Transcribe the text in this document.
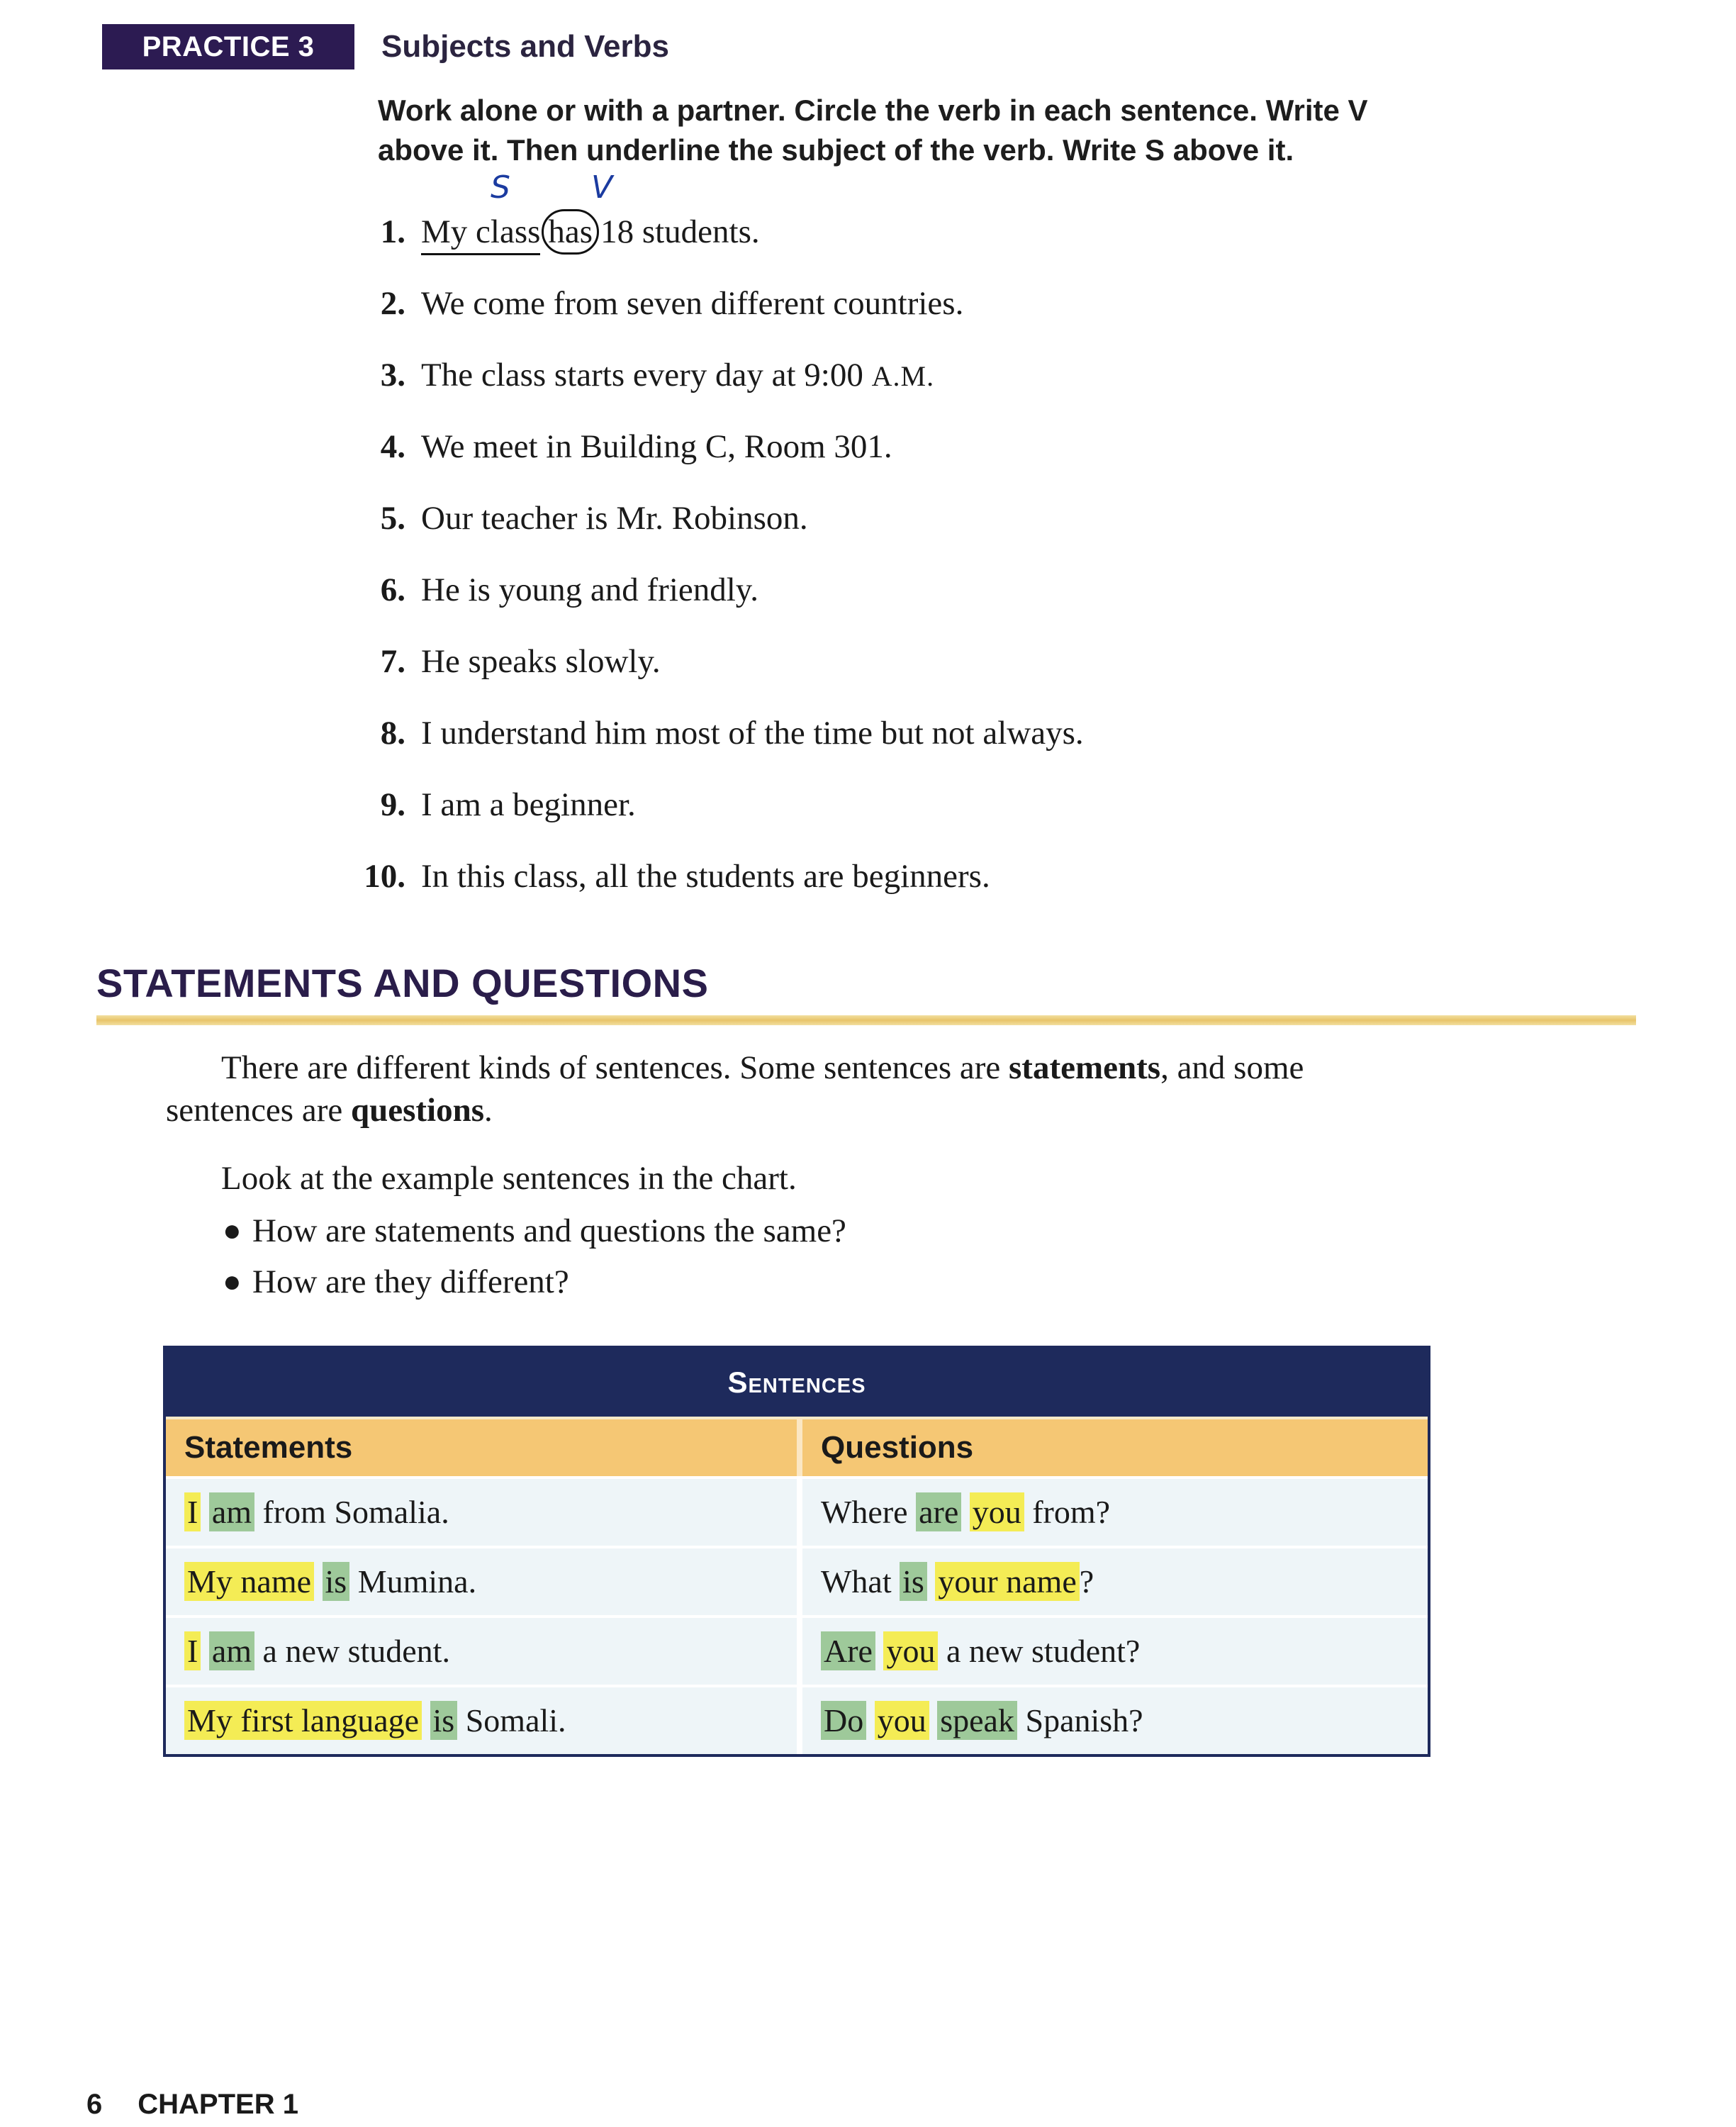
PRACTICE 3	Subjects and Verbs

Work alone or with a partner. Circle the verb in each sentence. Write V

above it. Then underline the subject of the verb. Write S above it.

1.
S	V
My class has 18 students.
2. We come from seven different countries.
3. The class starts every day at 9:00 A.M.
4. We meet in Building C, Room 301.
5. Our teacher is Mr. Robinson.
6. He is young and friendly.
7. He speaks slowly.
8. I understand him most of the time but not always.
9. I am a beginner.
10. In this class, all the students are beginners.
STATEMENTS AND QUESTIONS

There are different kinds of sentences. Some sentences are statements, and some sentences are questions.

Look at the example sentences in the chart.

● How are statements and questions the same?
● How are they different?
Sentences
Statements	Questions
I am from Somalia.	Where are you from?
My name is Mumina.	What is your name?
I am a new student.	Are you a new student?
My first language is Somali.	Do you speak Spanish?
6 CHAPTER 1
